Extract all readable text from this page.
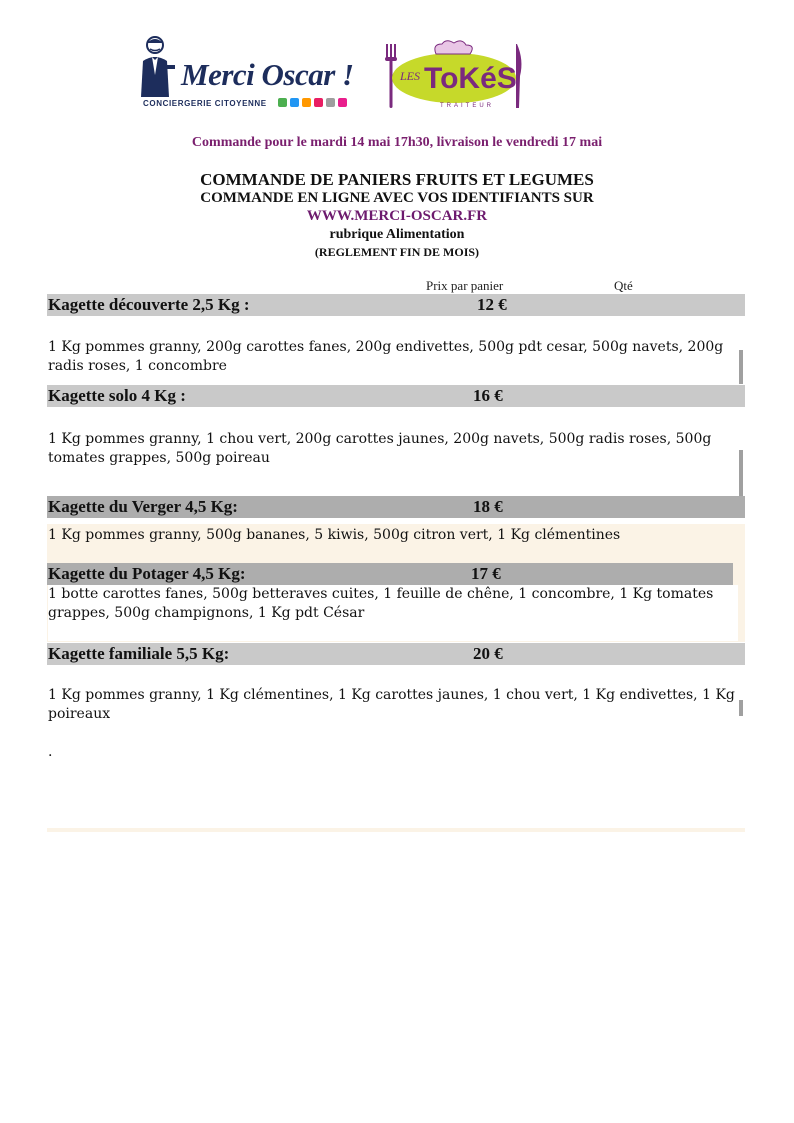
Merci Oscar !
CONCIERGERIE CITOYENNE
LES ToKéS
TRAITEUR
Commande pour le mardi 14 mai 17h30, livraison le vendredi 17 mai
COMMANDE DE PANIERS FRUITS ET LEGUMES
COMMANDE EN LIGNE AVEC VOS IDENTIFIANTS SUR
WWW.MERCI-OSCAR.FR
rubrique Alimentation
(REGLEMENT FIN DE MOIS)
Prix par panier	Qté
Kagette découverte 2,5 Kg :	12 €
1 Kg pommes granny, 200g carottes fanes, 200g endivettes, 500g pdt cesar, 500g navets, 200g radis roses, 1 concombre
Kagette solo 4 Kg :	16 €
1 Kg pommes granny, 1 chou vert, 200g carottes jaunes, 200g navets, 500g radis roses, 500g tomates grappes, 500g poireau
Kagette du Verger 4,5 Kg:	18 €
1 Kg pommes granny, 500g bananes, 5 kiwis, 500g citron vert, 1 Kg clémentines
Kagette du Potager 4,5 Kg:	17 €
1 botte carottes fanes, 500g betteraves cuites, 1 feuille de chêne, 1 concombre, 1 Kg tomates grappes, 500g champignons, 1 Kg pdt César
Kagette familiale 5,5 Kg:	20 €
1 Kg pommes granny, 1 Kg clémentines, 1 Kg carottes jaunes, 1 chou vert, 1 Kg endivettes, 1 Kg poireaux
.
